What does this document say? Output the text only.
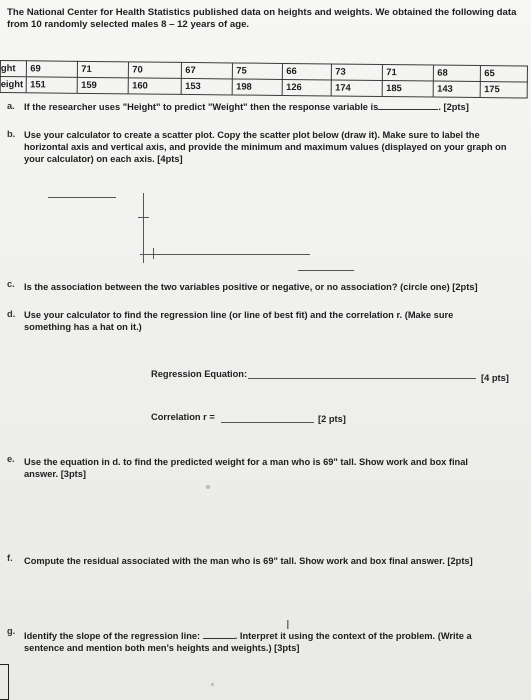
The National Center for Health Statistics published data on heights and weights. We obtained the following data from 10 randomly selected males 8 – 12 years of age.
ght	69	71	70	67	75	66	73	71	68	65
eight	151	159	160	153	198	126	174	185	143	175
a. If the researcher uses "Height" to predict "Weight" then the response variable is	. [2pts]
b. Use your calculator to create a scatter plot. Copy the scatter plot below (draw it). Make sure to label the horizontal axis and vertical axis, and provide the minimum and maximum values (displayed on your graph on your calculator) on each axis. [4pts]
c. Is the association between the two variables positive or negative, or no association? (circle one) [2pts]
d. Use your calculator to find the regression line (or line of best fit) and the correlation r. (Make sure something has a hat on it.)
Regression Equation:	[4 pts]
Correlation r =	[2 pts]
e. Use the equation in d. to find the predicted weight for a man who is 69" tall. Show work and box final answer. [3pts]
f. Compute the residual associated with the man who is 69" tall. Show work and box final answer. [2pts]
g. Identify the slope of the regression line:	. Interpret it using the context of the problem. (Write a
sentence and mention both men's heights and weights.) [3pts]
I
